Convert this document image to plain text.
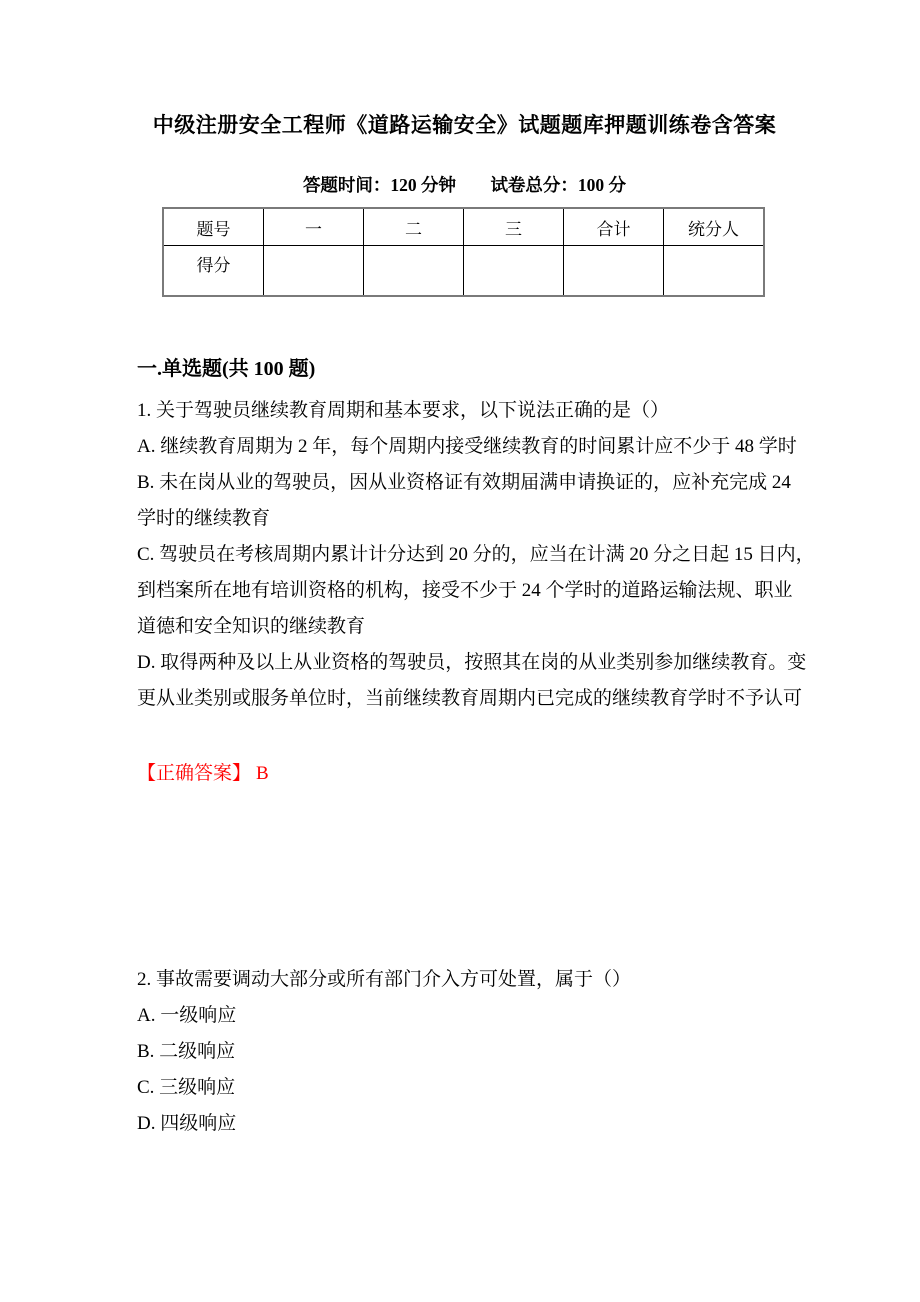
中级注册安全工程师《道路运输安全》试题题库押题训练卷含答案
答题时间：120 分钟 试卷总分：100 分
题号	一	二	三	合计	统分人
得分					
一.单选题(共 100 题)
1. 关于驾驶员继续教育周期和基本要求，以下说法正确的是（）
A. 继续教育周期为 2 年，每个周期内接受继续教育的时间累计应不少于 48 学时
B. 未在岗从业的驾驶员，因从业资格证有效期届满申请换证的，应补充完成 24
学时的继续教育
C. 驾驶员在考核周期内累计计分达到 20 分的，应当在计满 20 分之日起 15 日内，
到档案所在地有培训资格的机构，接受不少于 24 个学时的道路运输法规、职业
道德和安全知识的继续教育
D. 取得两种及以上从业资格的驾驶员，按照其在岗的从业类别参加继续教育。变
更从业类别或服务单位时，当前继续教育周期内已完成的继续教育学时不予认可
【正确答案】 B
2. 事故需要调动大部分或所有部门介入方可处置，属于（）
A. 一级响应
B. 二级响应
C. 三级响应
D. 四级响应
